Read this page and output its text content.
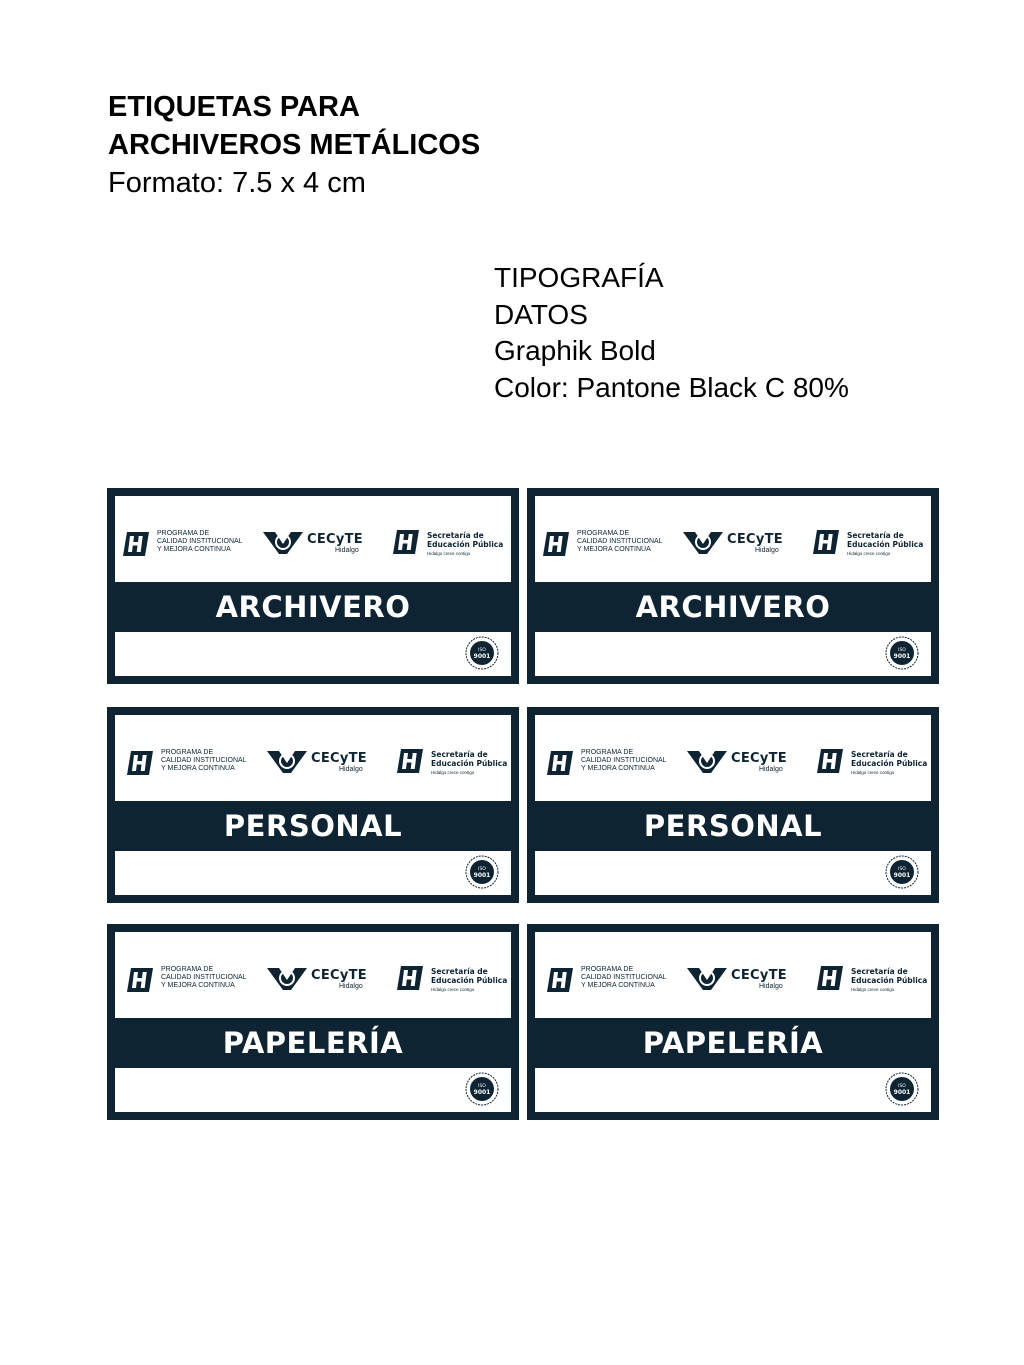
ETIQUETAS PARA
ARCHIVEROS METÁLICOS
Formato: 7.5 x 4 cm
TIPOGRAFÍA
DATOS
Graphik Bold
Color: Pantone Black C 80%
PROGRAMA DE
CALIDAD INSTITUCIONAL
Y MEJORA CONTINUA
CECyTE
Hidalgo
Secretaría de
Educación Pública
Hidalgo crece contigo
ARCHIVERO
ISO
9001
PROGRAMA DE
CALIDAD INSTITUCIONAL
Y MEJORA CONTINUA
CECyTE
Hidalgo
Secretaría de
Educación Pública
Hidalgo crece contigo
ARCHIVERO
ISO
9001
PROGRAMA DE
CALIDAD INSTITUCIONAL
Y MEJORA CONTINUA
CECyTE
Hidalgo
Secretaría de
Educación Pública
Hidalgo crece contigo
PERSONAL
ISO
9001
PROGRAMA DE
CALIDAD INSTITUCIONAL
Y MEJORA CONTINUA
CECyTE
Hidalgo
Secretaría de
Educación Pública
Hidalgo crece contigo
PERSONAL
ISO
9001
PROGRAMA DE
CALIDAD INSTITUCIONAL
Y MEJORA CONTINUA
CECyTE
Hidalgo
Secretaría de
Educación Pública
Hidalgo crece contigo
PAPELERÍA
ISO
9001
PROGRAMA DE
CALIDAD INSTITUCIONAL
Y MEJORA CONTINUA
CECyTE
Hidalgo
Secretaría de
Educación Pública
Hidalgo crece contigo
PAPELERÍA
ISO
9001
